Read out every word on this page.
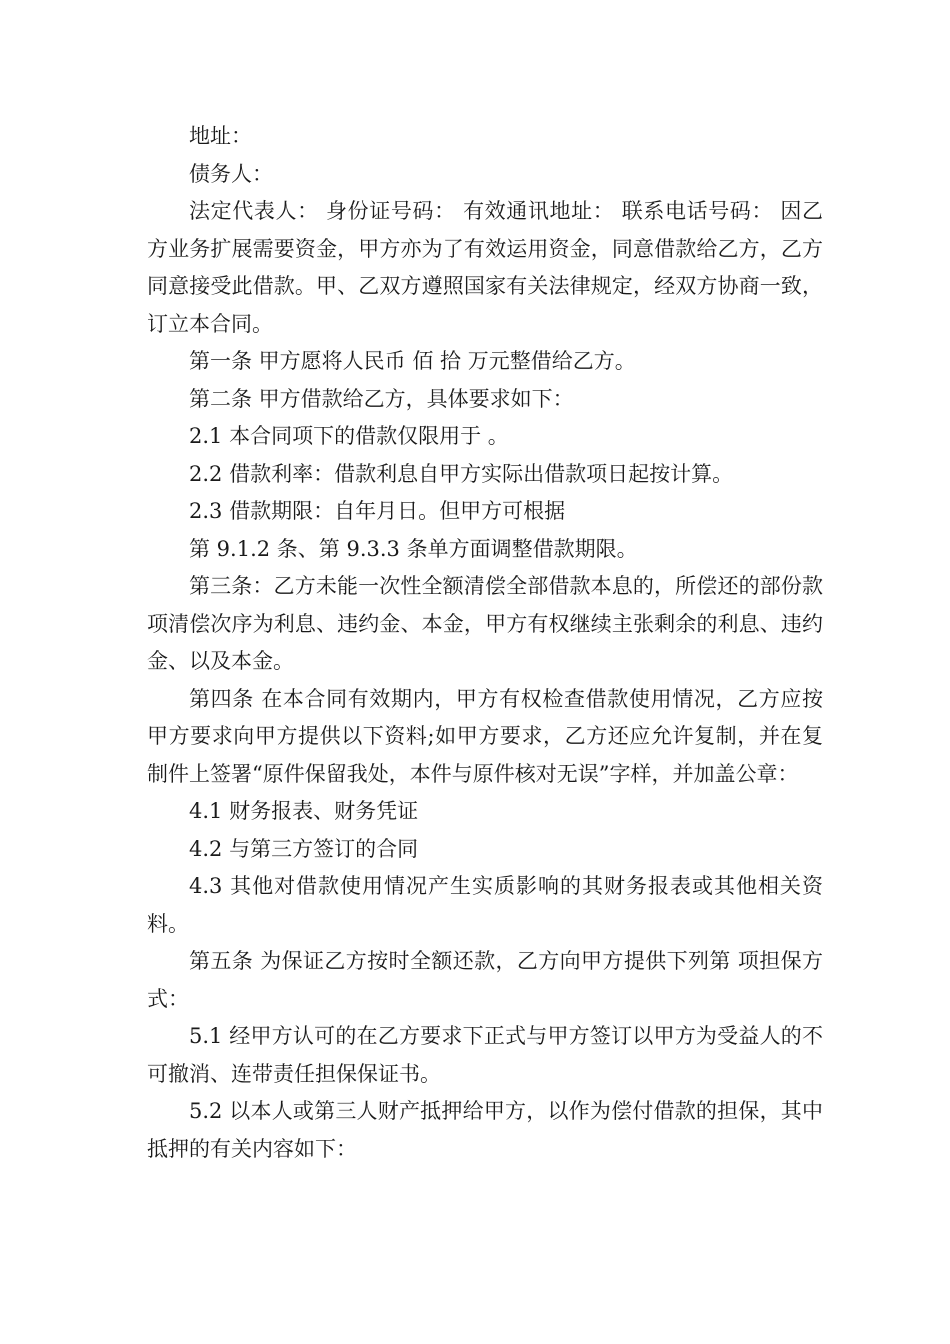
地址：

债务人：

法定代表人： 身份证号码： 有效通讯地址： 联系电话号码： 因乙方业务扩展需要资金，甲方亦为了有效运用资金，同意借款给乙方，乙方同意接受此借款。甲、乙双方遵照国家有关法律规定，经双方协商一致，订立本合同。

第一条 甲方愿将人民币 佰 拾 万元整借给乙方。

第二条 甲方借款给乙方，具体要求如下：

2.1 本合同项下的借款仅限用于 。

2.2 借款利率：借款利息自甲方实际出借款项日起按计算。

2.3 借款期限：自年月日。但甲方可根据

第 9.1.2 条、第 9.3.3 条单方面调整借款期限。

第三条：乙方未能一次性全额清偿全部借款本息的，所偿还的部份款项清偿次序为利息、违约金、本金，甲方有权继续主张剩余的利息、违约金、以及本金。

第四条 在本合同有效期内，甲方有权检查借款使用情况，乙方应按甲方要求向甲方提供以下资料;如甲方要求，乙方还应允许复制，并在复制件上签署“原件保留我处，本件与原件核对无误”字样，并加盖公章：

4.1 财务报表、财务凭证

4.2 与第三方签订的合同

4.3 其他对借款使用情况产生实质影响的其财务报表或其他相关资料。

第五条 为保证乙方按时全额还款，乙方向甲方提供下列第 项担保方式：

5.1 经甲方认可的在乙方要求下正式与甲方签订以甲方为受益人的不可撤消、连带责任担保保证书。

5.2 以本人或第三人财产抵押给甲方，以作为偿付借款的担保，其中抵押的有关内容如下：
